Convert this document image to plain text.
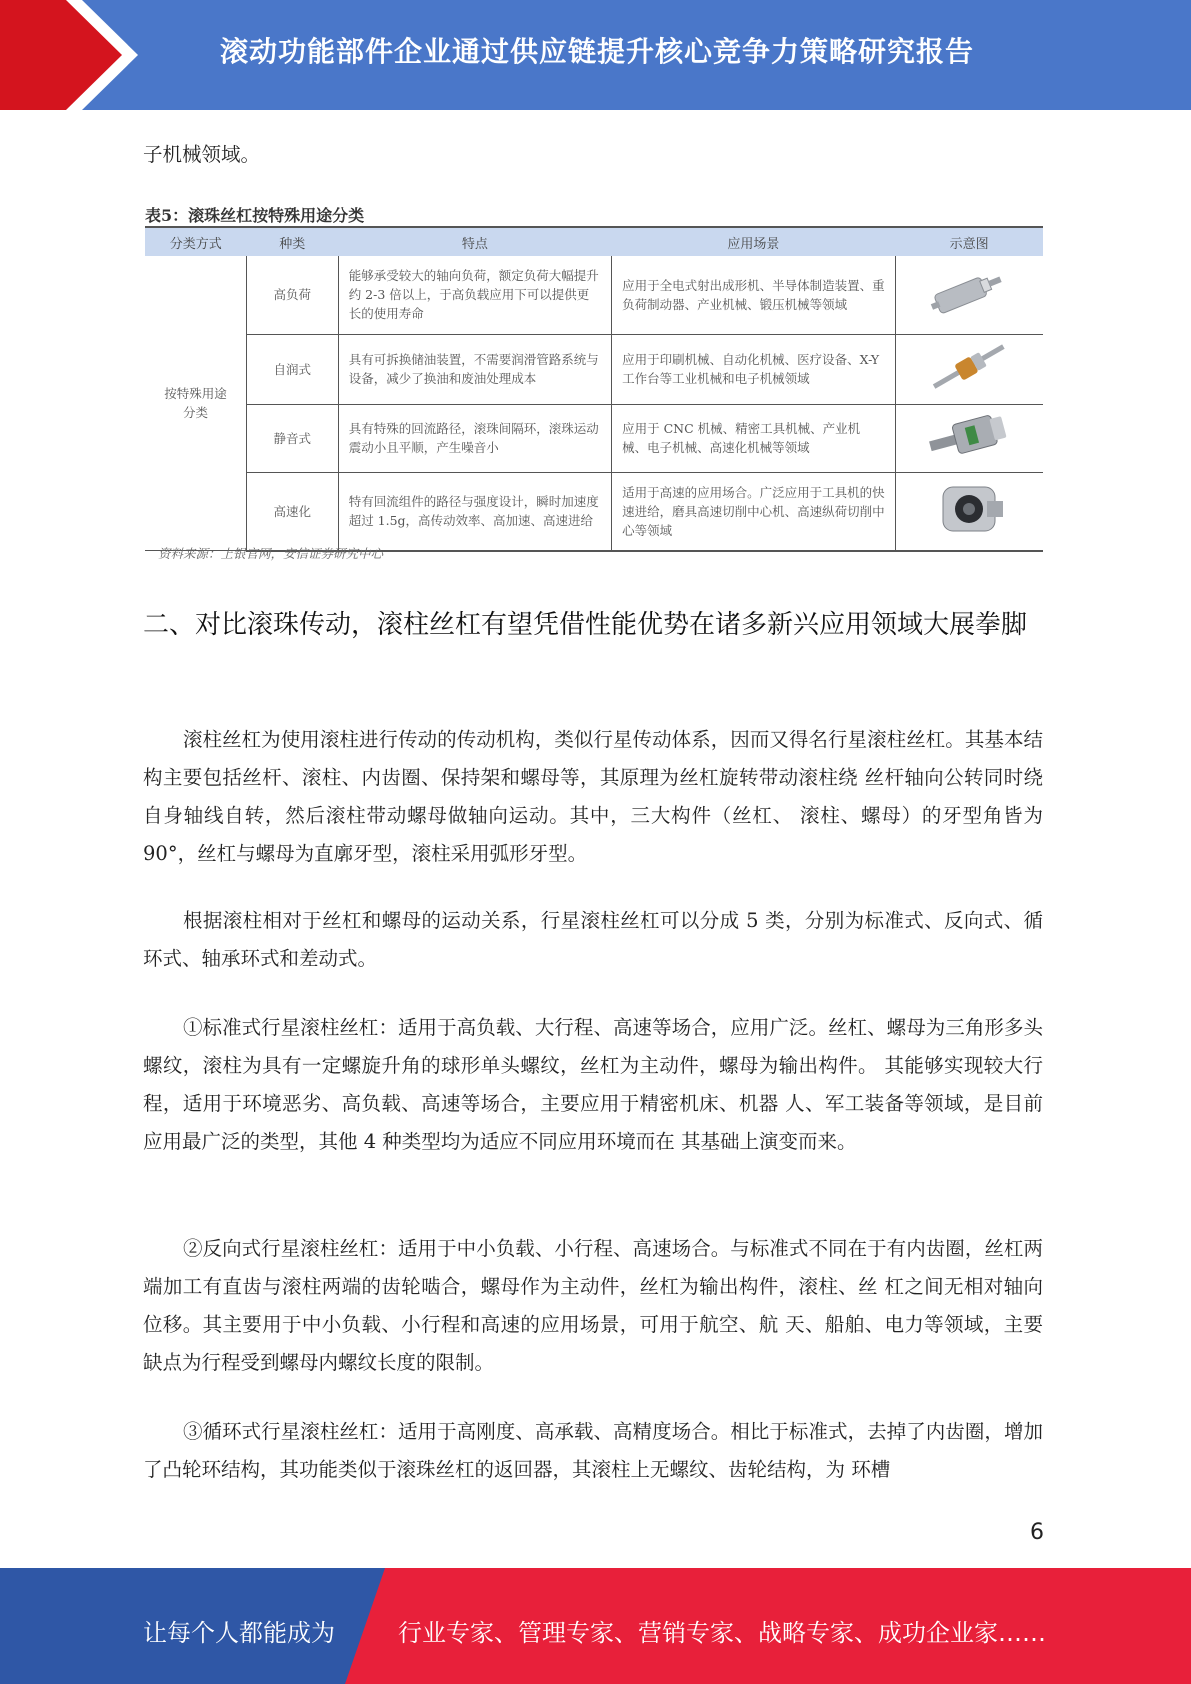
滚动功能部件企业通过供应链提升核心竞争力策略研究报告
子机械领域。
表5：滚珠丝杠按特殊用途分类
分类方式	种类	特点	应用场景	示意图
按特殊用途分类	高负荷	能够承受较大的轴向负荷，额定负荷大幅提升约 2-3 倍以上，于高负载应用下可以提供更长的使用寿命	应用于全电式射出成形机、半导体制造装置、重负荷制动器、产业机械、锻压机械等领域	
	自润式	具有可拆换储油装置，不需要润滑管路系统与设备，减少了换油和废油处理成本	应用于印刷机械、自动化机械、医疗设备、X-Y 工作台等工业机械和电子机械领域	
	静音式	具有特殊的回流路径，滚珠间隔环，滚珠运动震动小且平顺，产生噪音小	应用于 CNC 机械、精密工具机械、产业机械、电子机械、高速化机械等领域	
	高速化	特有回流组件的路径与强度设计，瞬时加速度超过 1.5g，高传动效率、高加速、高速进给	适用于高速的应用场合。广泛应用于工具机的快速进给，磨具高速切削中心机、高速纵荷切削中心等领域	
资料来源：上银官网，安信证券研究中心
二、对比滚珠传动，滚柱丝杠有望凭借性能优势在诸多新兴应用领域大展拳脚
滚柱丝杠为使用滚柱进行传动的传动机构，类似行星传动体系，因而又得名行星滚柱丝杠。其基本结构主要包括丝杆、滚柱、内齿圈、保持架和螺母等，其原理为丝杠旋转带动滚柱绕 丝杆轴向公转同时绕自身轴线自转，然后滚柱带动螺母做轴向运动。其中，三大构件（丝杠、 滚柱、螺母）的牙型角皆为 90°，丝杠与螺母为直廓牙型，滚柱采用弧形牙型。
根据滚柱相对于丝杠和螺母的运动关系，行星滚柱丝杠可以分成 5 类，分别为标准式、反向式、循环式、轴承环式和差动式。
①标准式行星滚柱丝杠：适用于高负载、大行程、高速等场合，应用广泛。丝杠、螺母为三角形多头螺纹，滚柱为具有一定螺旋升角的球形单头螺纹，丝杠为主动件，螺母为输出构件。 其能够实现较大行程，适用于环境恶劣、高负载、高速等场合，主要应用于精密机床、机器 人、军工装备等领域，是目前应用最广泛的类型，其他 4 种类型均为适应不同应用环境而在 其基础上演变而来。
②反向式行星滚柱丝杠：适用于中小负载、小行程、高速场合。与标准式不同在于有内齿圈，丝杠两端加工有直齿与滚柱两端的齿轮啮合，螺母作为主动件，丝杠为输出构件，滚柱、丝 杠之间无相对轴向位移。其主要用于中小负载、小行程和高速的应用场景，可用于航空、航 天、船舶、电力等领域，主要缺点为行程受到螺母内螺纹长度的限制。
③循环式行星滚柱丝杠：适用于高刚度、高承载、高精度场合。相比于标准式，去掉了内齿圈，增加了凸轮环结构，其功能类似于滚珠丝杠的返回器，其滚柱上无螺纹、齿轮结构，为 环槽
6
让每个人都能成为	行业专家、管理专家、营销专家、战略专家、成功企业家……
